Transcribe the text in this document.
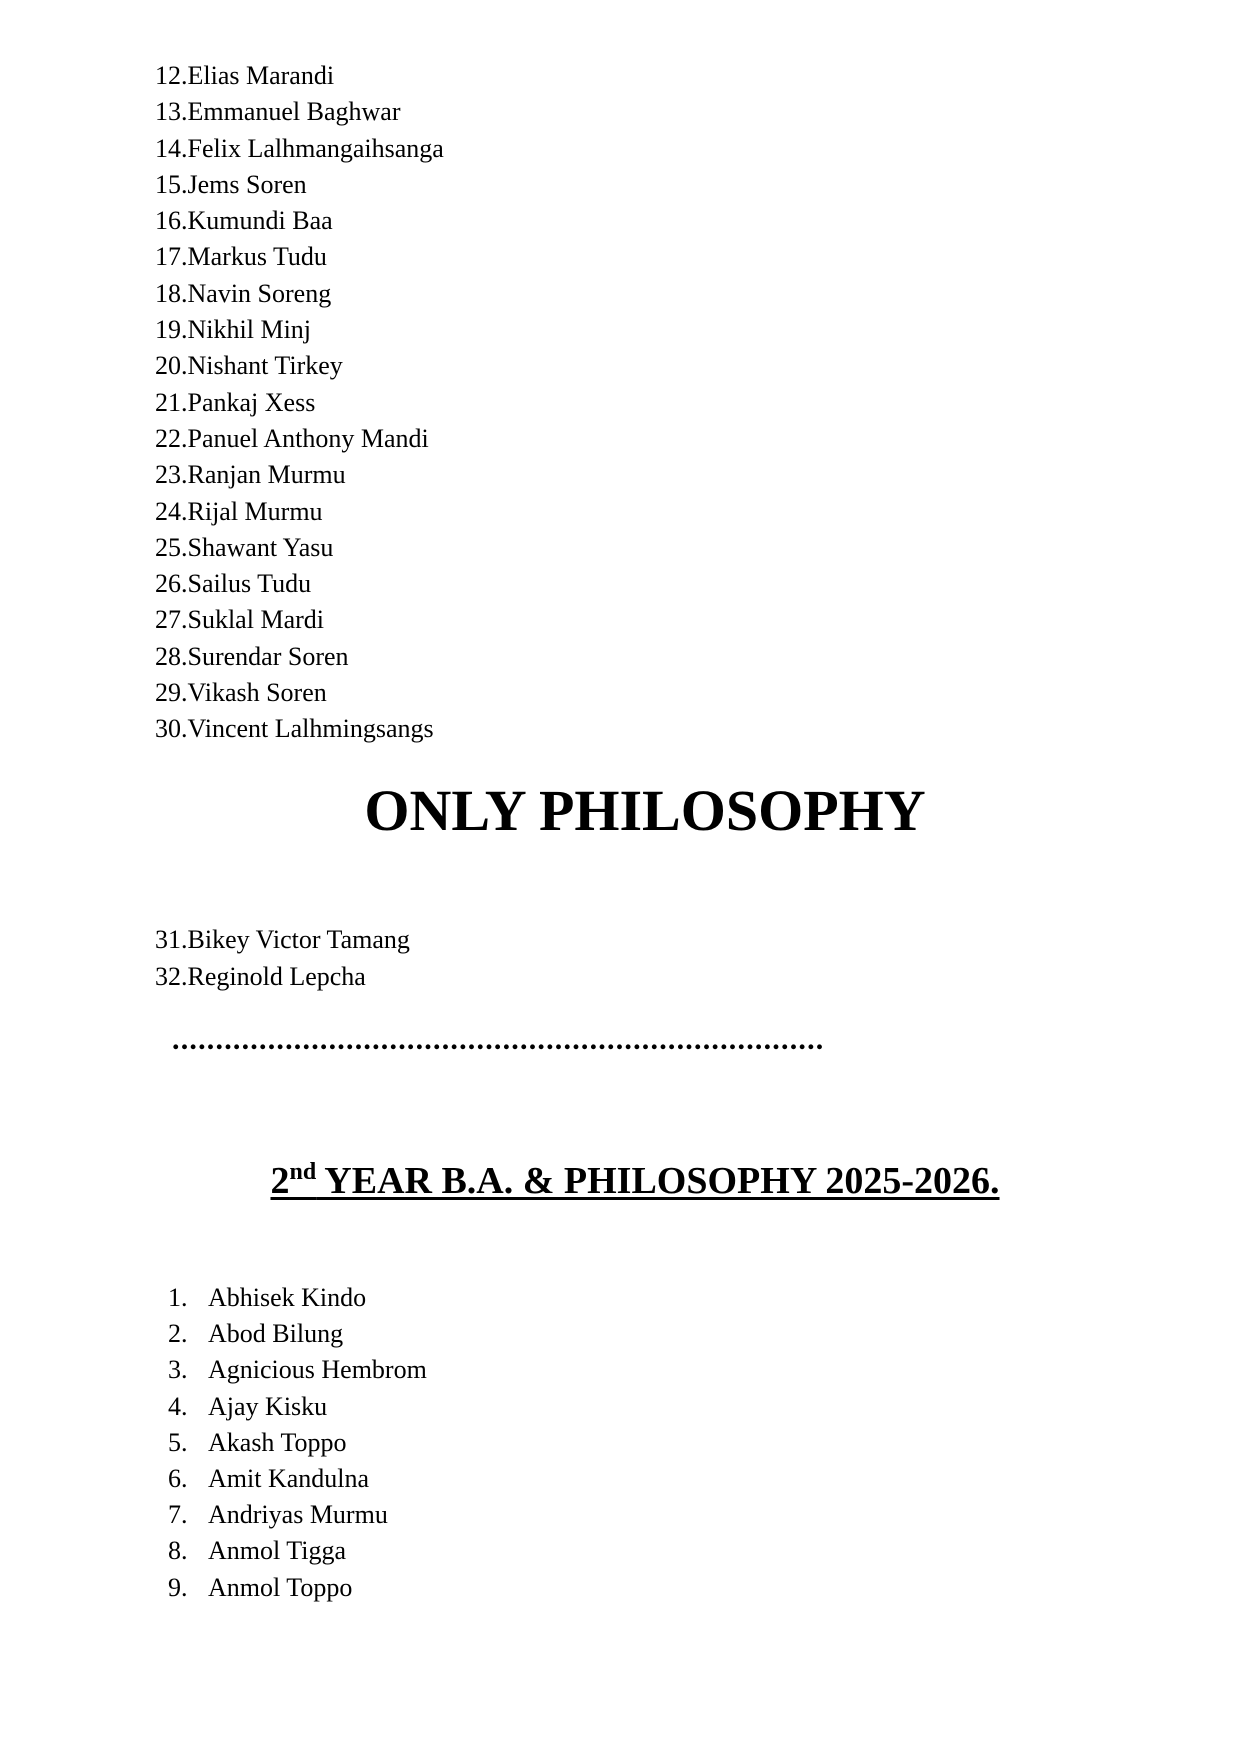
12.Elias Marandi
13.Emmanuel Baghwar
14.Felix Lalhmangaihsanga
15.Jems Soren
16.Kumundi Baa
17.Markus Tudu
18.Navin Soreng
19.Nikhil Minj
20.Nishant Tirkey
21.Pankaj Xess
22.Panuel Anthony Mandi
23.Ranjan Murmu
24.Rijal Murmu
25.Shawant Yasu
26.Sailus Tudu
27.Suklal Mardi
28.Surendar Soren
29.Vikash Soren
30.Vincent Lalhmingsangs
ONLY PHILOSOPHY
31.Bikey Victor Tamang
32.Reginold Lepcha
...........................................................................
2nd YEAR B.A. & PHILOSOPHY 2025-2026.
1. Abhisek Kindo
2. Abod Bilung
3. Agnicious Hembrom
4. Ajay Kisku
5. Akash Toppo
6. Amit Kandulna
7. Andriyas Murmu
8. Anmol Tigga
9. Anmol Toppo
